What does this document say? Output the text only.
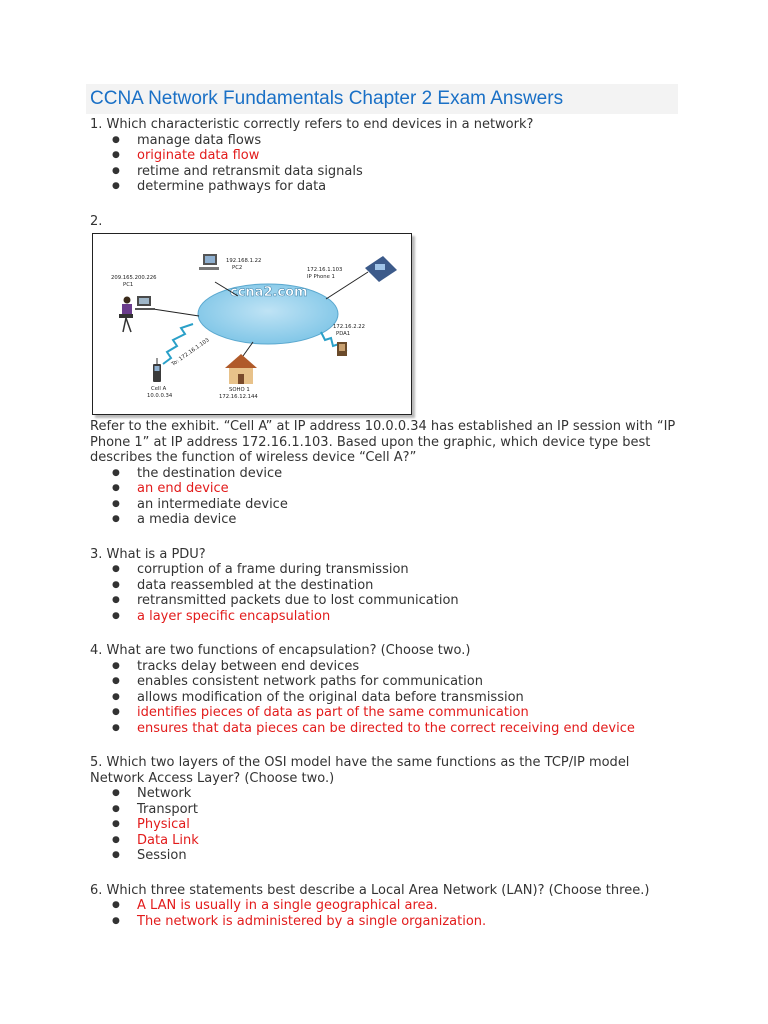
CCNA Network Fundamentals Chapter 2 Exam Answers

1. Which characteristic correctly refers to end devices in a network?

● manage data flows
● originate data flow
● retime and retransmit data signals
● determine pathways for data

2.

ccna2.com
209.165.200.226
PC1
192.168.1.22
PC2	172.16.1.103
IP Phone 1
172.16.2.22
PDA1
Cell A
10.0.0.34
To: 172.16.1.103
SOHO 1
172.16.12.144

Refer to the exhibit. “Cell A” at IP address 10.0.0.34 has established an IP session with “IP Phone 1” at IP address 172.16.1.103. Based upon the graphic, which device type best describes the function of wireless device “Cell A?”

● the destination device
● an end device
● an intermediate device
● a media device

3. What is a PDU?

● corruption of a frame during transmission
● data reassembled at the destination
● retransmitted packets due to lost communication
● a layer specific encapsulation

4. What are two functions of encapsulation? (Choose two.)

● tracks delay between end devices
● enables consistent network paths for communication
● allows modification of the original data before transmission
● identifies pieces of data as part of the same communication
● ensures that data pieces can be directed to the correct receiving end device

5. Which two layers of the OSI model have the same functions as the TCP/IP model Network Access Layer? (Choose two.)

● Network
● Transport
● Physical
● Data Link
● Session

6. Which three statements best describe a Local Area Network (LAN)? (Choose three.)

● A LAN is usually in a single geographical area.
● The network is administered by a single organization.
